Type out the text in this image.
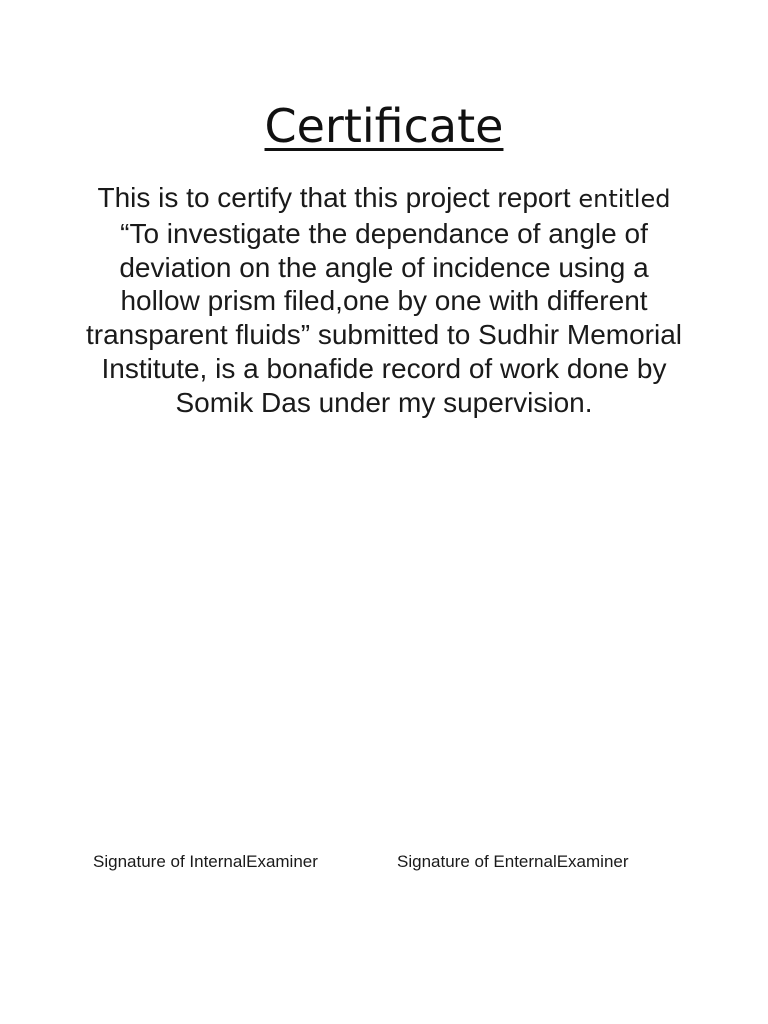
Certificate

This is to certify that this project report entitled “To investigate the dependance of angle of deviation on the angle of incidence using a hollow prism filed,one by one with different transparent fluids” submitted to Sudhir Memorial Institute, is a bonafide record of work done by Somik Das under my supervision.

Signature of InternalExaminer	Signature of EnternalExaminer
